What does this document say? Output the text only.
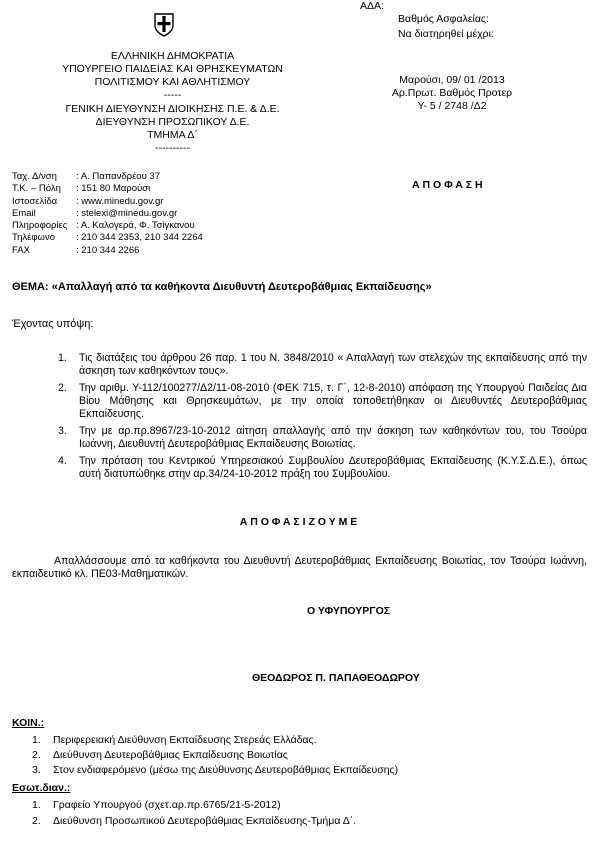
ΑΔΑ:
Βαθμός Ασφαλείας:
Να διατηρηθεί μέχρι:
ΕΛΛΗΝΙΚΗ ΔΗΜΟΚΡΑΤΙΑ
ΥΠΟΥΡΓΕΙΟ ΠΑΙΔΕΙΑΣ ΚΑΙ ΘΡΗΣΚΕΥΜΑΤΩΝ
ΠΟΛΙΤΙΣΜΟΥ ΚΑΙ ΑΘΛΗΤΙΣΜΟΥ
-----
ΓΕΝΙΚΗ ΔΙΕΥΘΥΝΣΗ ΔΙΟΙΚΗΣΗΣ Π.Ε. & Δ.Ε.
ΔΙΕΥΘΥΝΣΗ ΠΡΟΣΩΠΙΚΟΥ Δ.Ε.
ΤΜΗΜΑ Δ΄
----------
Μαρούσι, 09/ 01 /2013
Αρ.Πρωτ. Βαθμός Προτερ
Υ- 5 / 2748 /Δ2
Ταχ. Δ/νση : Α. Παπανδρέου 37
Τ.Κ. – Πόλη : 151 80 Μαρούσι
Ιστοσελίδα : www.minedu.gov.gr
Email	: stelexi@minedu.gov.gr
Πληροφορίες : Α. Καλογερά, Φ. Τσίγκανου
Τηλέφωνο : 210 344 2353, 210 344 2264
FAX	: 210 344 2266
Α Π Ο Φ Α Σ Η
ΘΕΜΑ: «Απαλλαγή από τα καθήκοντα Διευθυντή Δευτεροβάθμιας Εκπαίδευσης»
Έχοντας υπόψη:
1. Τις διατάξεις του άρθρου 26 παρ. 1 του Ν. 3848/2010 « Απαλλαγή των στελεχών της εκπαίδευσης από την άσκηση των καθηκόντων τους».
2. Την αριθμ. Υ-112/100277/Δ2/11-08-2010 (ΦΕΚ 715, τ. Γ΄, 12-8-2010) απόφαση της Υπουργού Παιδείας Δια Βίου Μάθησης και Θρησκευμάτων, με την οποία τοποθετήθηκαν οι Διευθυντές Δευτεροβάθμιας Εκπαίδευσης.
3. Την με αρ.πρ.8967/23-10-2012 αίτηση απαλλαγής από την άσκηση των καθηκόντων του, του Τσούρα Ιωάννη, Διευθυντή Δευτεροβάθμιας Εκπαίδευσης Βοιωτίας.
4. Την πρόταση του Κεντρικού Υπηρεσιακού Συμβουλίου Δευτεροβάθμιας Εκπαίδευσης (Κ.Υ.Σ.Δ.Ε.), όπως αυτή διατυπώθηκε στην αρ.34/24-10-2012 πράξη του Συμβουλίου.
Α Π Ο Φ Α Σ Ι Ζ Ο Υ Μ Ε
Απαλλάσσουμε από τα καθήκοντα του Διευθυντή Δευτεροβάθμιας Εκπαίδευσης Βοιωτίας, τον Τσούρα Ιωάννη, εκπαιδευτικό κλ. ΠΕ03-Μαθηματικών.
Ο ΥΦΥΠΟΥΡΓΟΣ
ΘΕΟΔΩΡΟΣ Π. ΠΑΠΑΘΕΟΔΩΡΟΥ
ΚΟΙΝ.:
1. Περιφερειακή Διεύθυνση Εκπαίδευσης Στερεάς Ελλάδας.
2. Διεύθυνση Δευτεροβάθμιας Εκπαίδευσης Βοιωτίας
3. Στον ενδιαφερόμενο (μέσω της Διεύθυνσης Δευτεροβάθμιας Εκπαίδευσης)
Εσωτ.διαν.:
1. Γραφείο Υπουργού (σχετ.αρ.πρ.6765/21-5-2012)
2. Διεύθυνση Προσωπικού Δευτεροβάθμιας Εκπαίδευσης-Τμήμα Δ΄.
